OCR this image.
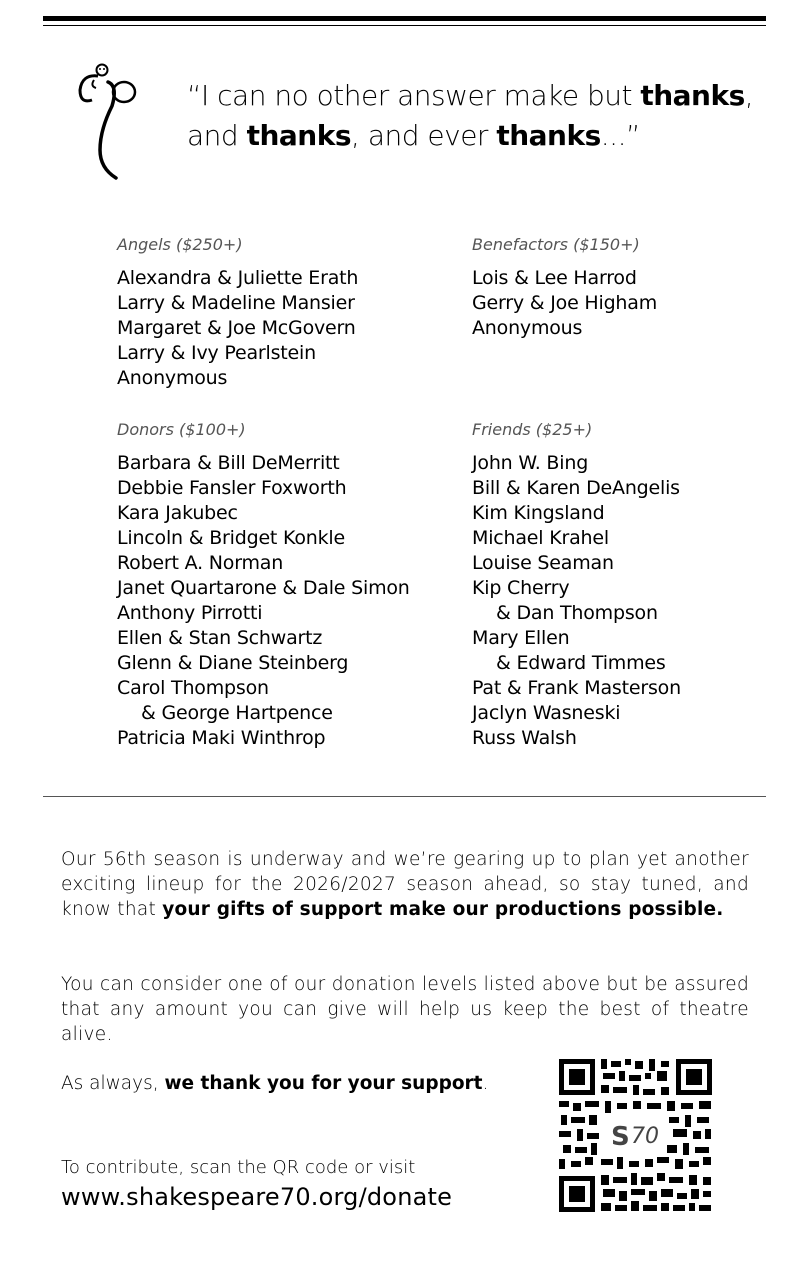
“I can no other answer make but thanks, and thanks, and ever thanks...”
Angels ($250+)
Alexandra & Juliette Erath
Larry & Madeline Mansier
Margaret & Joe McGovern
Larry & Ivy Pearlstein
Anonymous
Benefactors ($150+)
Lois & Lee Harrod
Gerry & Joe Higham
Anonymous
Donors ($100+)
Barbara & Bill DeMerritt
Debbie Fansler Foxworth
Kara Jakubec
Lincoln & Bridget Konkle
Robert A. Norman
Janet Quartarone & Dale Simon
Anthony Pirrotti
Ellen & Stan Schwartz
Glenn & Diane Steinberg
Carol Thompson
& George Hartpence
Patricia Maki Winthrop
Friends ($25+)
John W. Bing
Bill & Karen DeAngelis
Kim Kingsland
Michael Krahel
Louise Seaman
Kip Cherry
& Dan Thompson
Mary Ellen
& Edward Timmes
Pat & Frank Masterson
Jaclyn Wasneski
Russ Walsh
Our 56th season is underway and we’re gearing up to plan yet another exciting lineup for the 2026/2027 season ahead, so stay tuned, and know that your gifts of support make our productions possible.
You can consider one of our donation levels listed above but be assured that any amount you can give will help us keep the best of theatre alive.
As always, we thank you for your support.
To contribute, scan the QR code or visit
www.shakespeare70.org/donate
S 70
